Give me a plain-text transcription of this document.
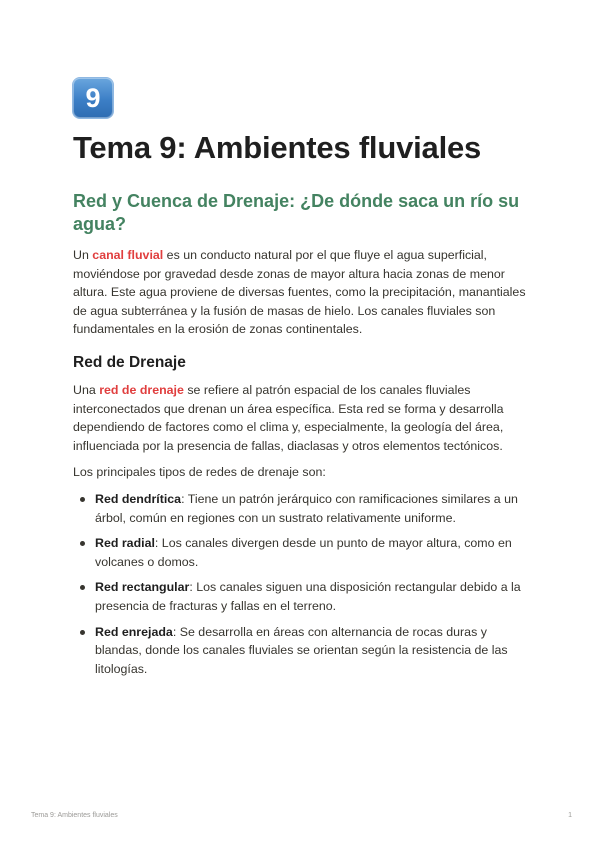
9
Tema 9: Ambientes fluviales
Red y Cuenca de Drenaje: ¿De dónde saca un río su agua?

Un canal fluvial es un conducto natural por el que fluye el agua superficial, moviéndose por gravedad desde zonas de mayor altura hacia zonas de menor altura. Este agua proviene de diversas fuentes, como la precipitación, manantiales de agua subterránea y la fusión de masas de hielo. Los canales fluviales son fundamentales en la erosión de zonas continentales.

Red de Drenaje

Una red de drenaje se refiere al patrón espacial de los canales fluviales interconectados que drenan un área específica. Esta red se forma y desarrolla dependiendo de factores como el clima y, especialmente, la geología del área, influenciada por la presencia de fallas, diaclasas y otros elementos tectónicos.

Los principales tipos de redes de drenaje son:

Red dendrítica: Tiene un patrón jerárquico con ramificaciones similares a un árbol, común en regiones con un sustrato relativamente uniforme.
Red radial: Los canales divergen desde un punto de mayor altura, como en volcanes o domos.
Red rectangular: Los canales siguen una disposición rectangular debido a la presencia de fracturas y fallas en el terreno.
Red enrejada: Se desarrolla en áreas con alternancia de rocas duras y blandas, donde los canales fluviales se orientan según la resistencia de las litologías.
Tema 9: Ambientes fluviales	1
